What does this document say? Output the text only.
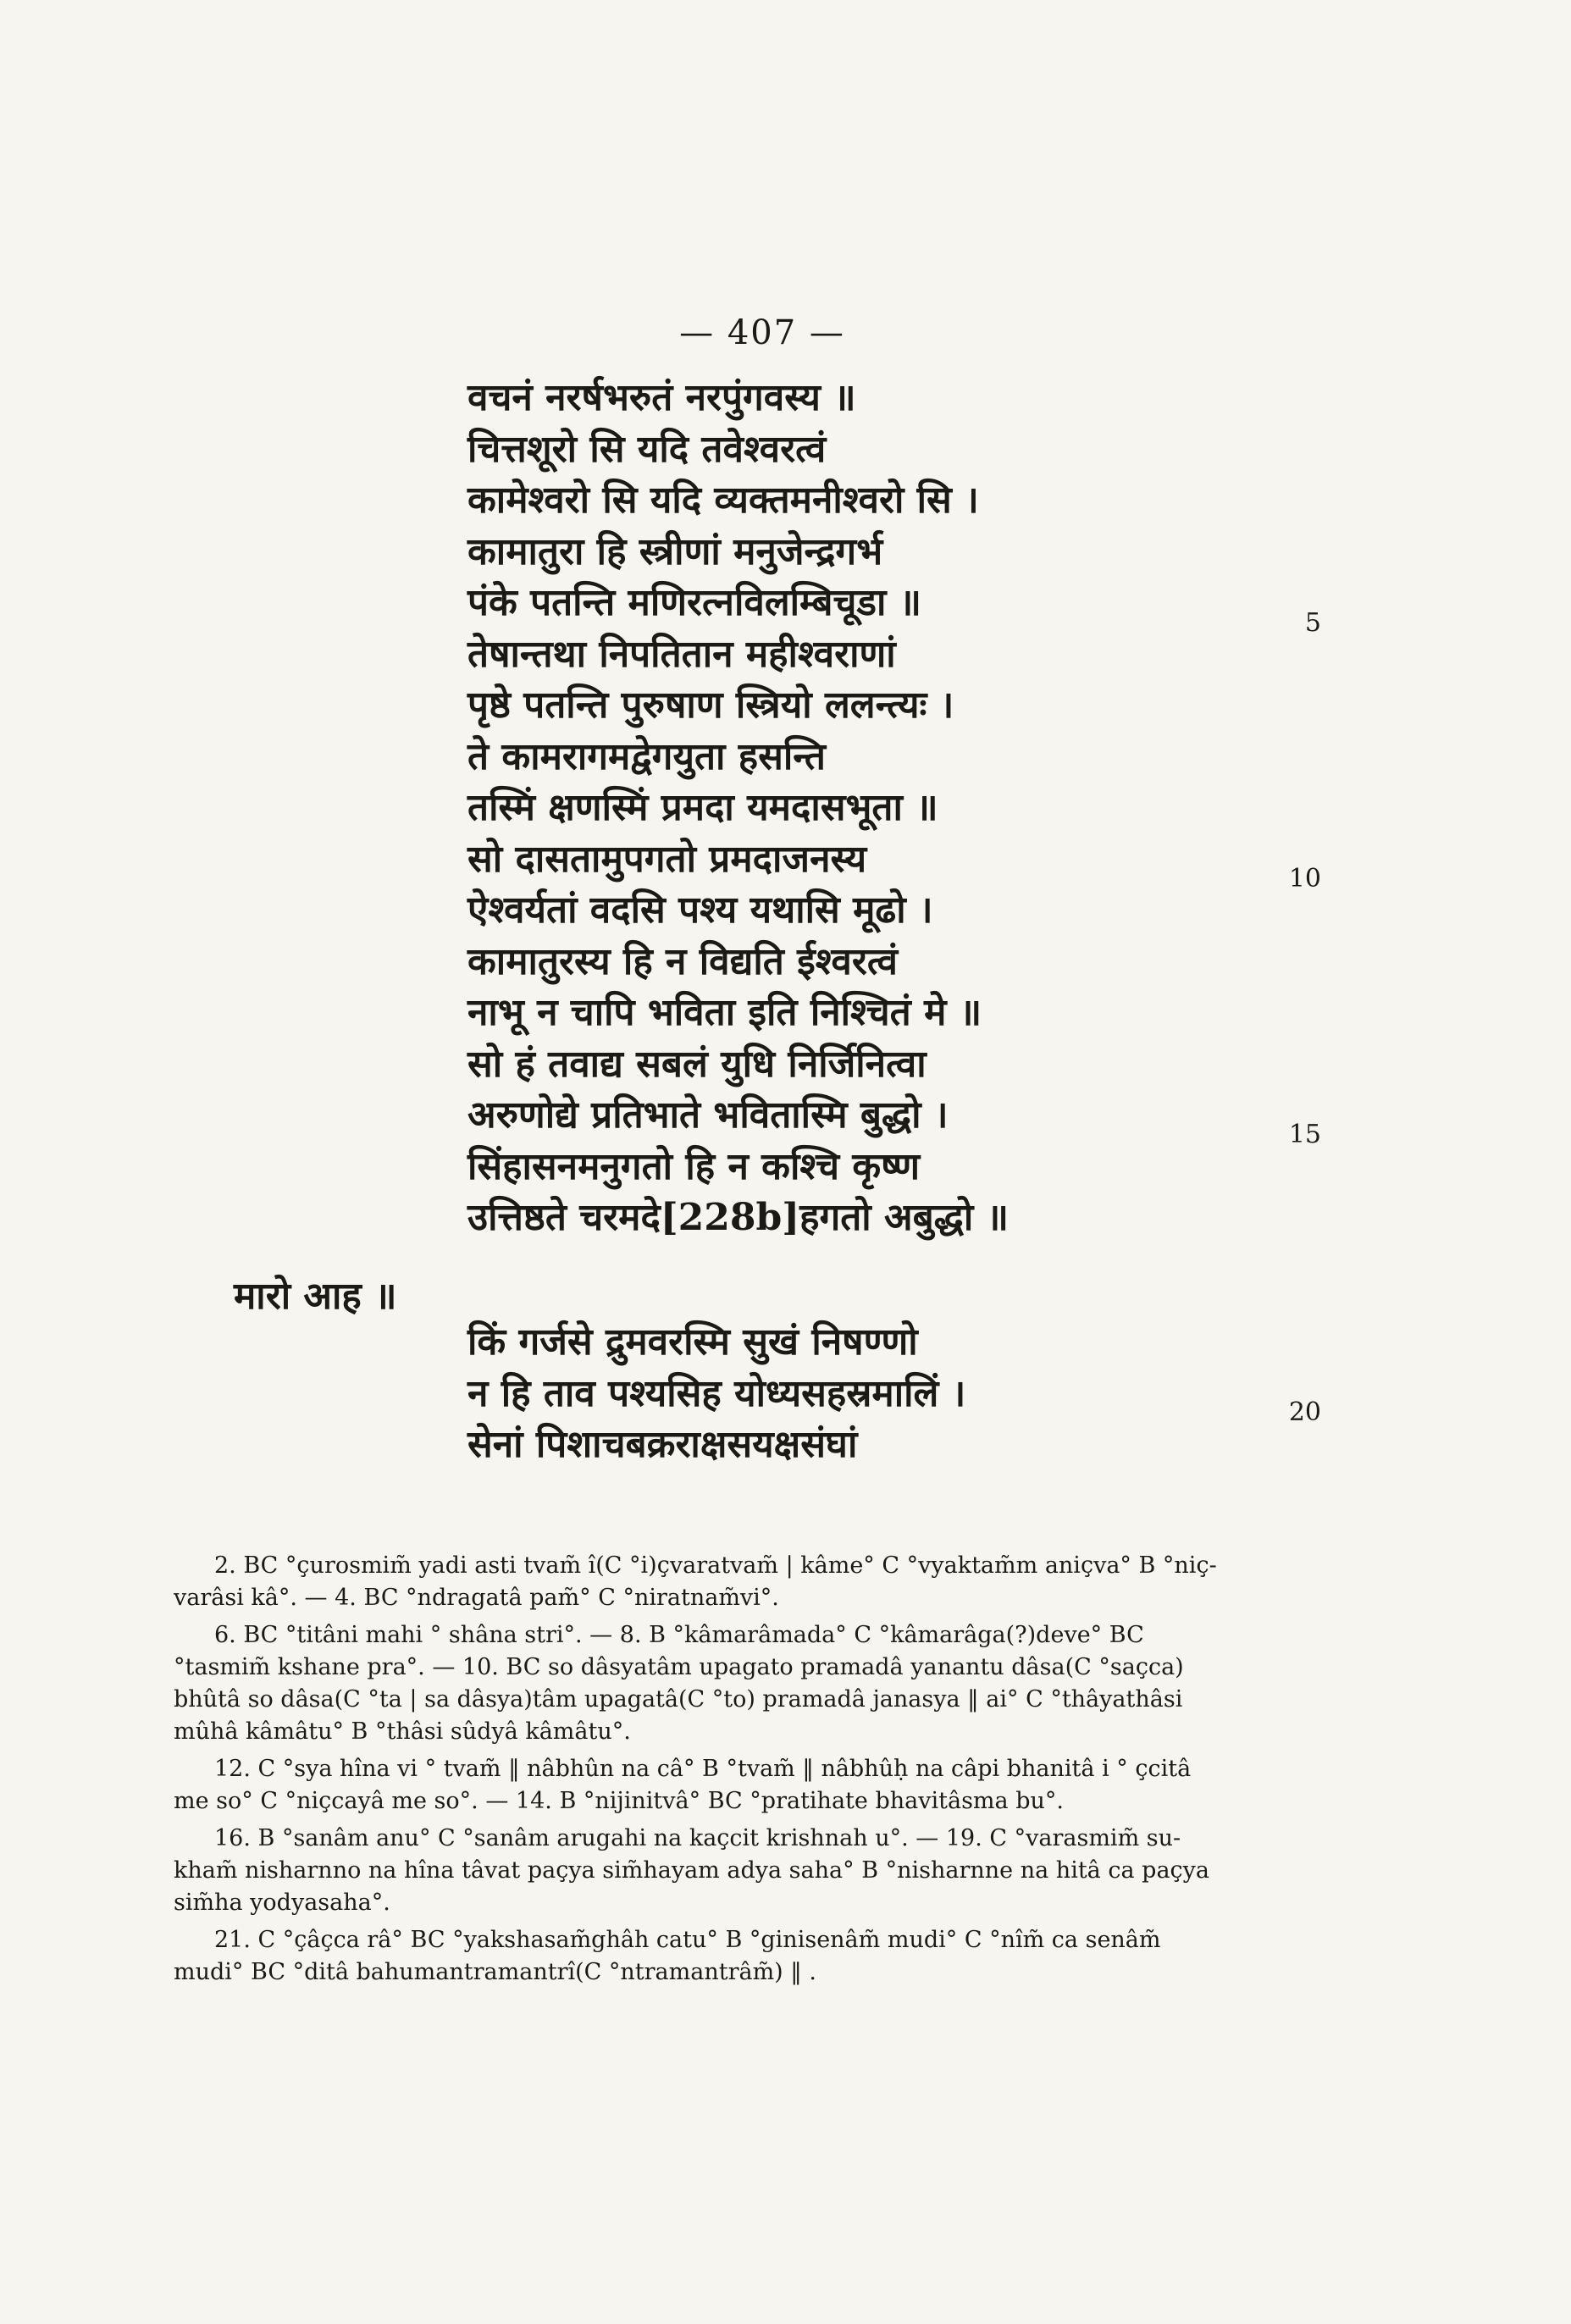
— 407 —
वचनं नरर्षभरुतं नरपुंगवस्य ॥
चित्तशूरो सि यदि तवेश्वरत्वं
कामेश्वरो सि यदि व्यक्तमनीश्वरो सि ।
कामातुरा हि स्त्रीणां मनुजेन्द्रगर्भ
पंके पतन्ति मणिरत्नविलम्बिचूडा ॥
तेषान्तथा निपतितान महीश्वराणां
पृष्ठे पतन्ति पुरुषाण स्त्रियो ललन्त्यः ।
ते कामरागमद्वेगयुता हसन्ति
तस्मिं क्षणस्मिं प्रमदा यमदासभूता ॥
सो दासतामुपगतो प्रमदाजनस्य
ऐश्वर्यतां वदसि पश्य यथासि मूढो ।
कामातुरस्य हि न विद्यति ईश्वरत्वं
नाभू न चापि भविता इति निश्चितं मे ॥
सो हं तवाद्य सबलं युधि निर्जिनित्वा
अरुणोद्ये प्रतिभाते भवितास्मि बुद्धो ।
सिंहासनमनुगतो हि न कश्चि कृष्ण
उत्तिष्ठते चरमदे[228b]हगतो अबुद्धो ॥
मारो आह ॥
किं गर्जसे द्रुमवरस्मि सुखं निषण्णो
न हि ताव पश्यसिह योध्यसहस्रमालिं ।
सेनां पिशाचबक्रराक्षसयक्षसंघां
5
10
15
20

2. BC °çurosmim̃ yadi asti tvam̃ î(C °i)çvaratvam̃ | kâme° C °vyaktam̃m aniçva° B °niç-
varâsi kâ°. — 4. BC °ndragatâ pam̃° C °niratnam̃vi°.

6. BC °titâni mahi ° shâna stri°. — 8. B °kâmarâmada° C °kâmarâga(?)deve° BC
°tasmim̃ kshane pra°. — 10. BC so dâsyatâm upagato pramadâ yanantu dâsa(C °saçca)
bhûtâ so dâsa(C °ta | sa dâsya)tâm upagatâ(C °to) pramadâ janasya ‖ ai° C °thâyathâsi
mûhâ kâmâtu° B °thâsi sûdyâ kâmâtu°.

12. C °sya hîna vi ° tvam̃ ‖ nâbhûn na câ° B °tvam̃ ‖ nâbhûḥ na câpi bhanitâ i ° çcitâ
me so° C °niçcayâ me so°. — 14. B °nijinitvâ° BC °pratihate bhavitâsma bu°.

16. B °sanâm anu° C °sanâm arugahi na kaçcit krishnah u°. — 19. C °varasmim̃ su-
kham̃ nisharnno na hîna tâvat paçya sim̃hayam adya saha° B °nisharnne na hitâ ca paçya
sim̃ha yodyasaha°.

21. C °çâçca râ° BC °yakshasam̃ghâh catu° B °ginisenâm̃ mudi° C °nîm̃ ca senâm̃
mudi° BC °ditâ bahumantramantrî(C °ntramantrâm̃) ‖ .
